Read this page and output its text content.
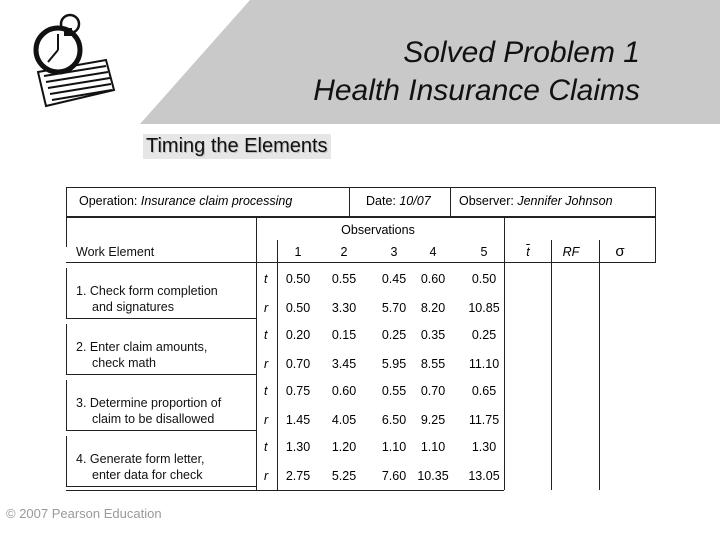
Solved Problem 1
Health Insurance Claims
Timing the Elements
Operation: Insurance claim processing	Date: 10/07	Observer: Jennifer Johnson
Work Element
Observations
1	2	3	4	5	$\overline{t}$	RF	σ
1. Check form completion
and signatures
t	0.50	0.55	0.45	0.60	0.50
r	0.50	3.30	5.70	8.20	10.85
2. Enter claim amounts,
check math
t	0.20	0.15	0.25	0.35	0.25
r	0.70	3.45	5.95	8.55	11.10
3. Determine proportion of
claim to be disallowed
t	0.75	0.60	0.55	0.70	0.65
r	1.45	4.05	6.50	9.25	11.75
4. Generate form letter,
enter data for check
t	1.30	1.20	1.10	1.10	1.30
r	2.75	5.25	7.60 10.35	13.05
© 2007 Pearson Education
